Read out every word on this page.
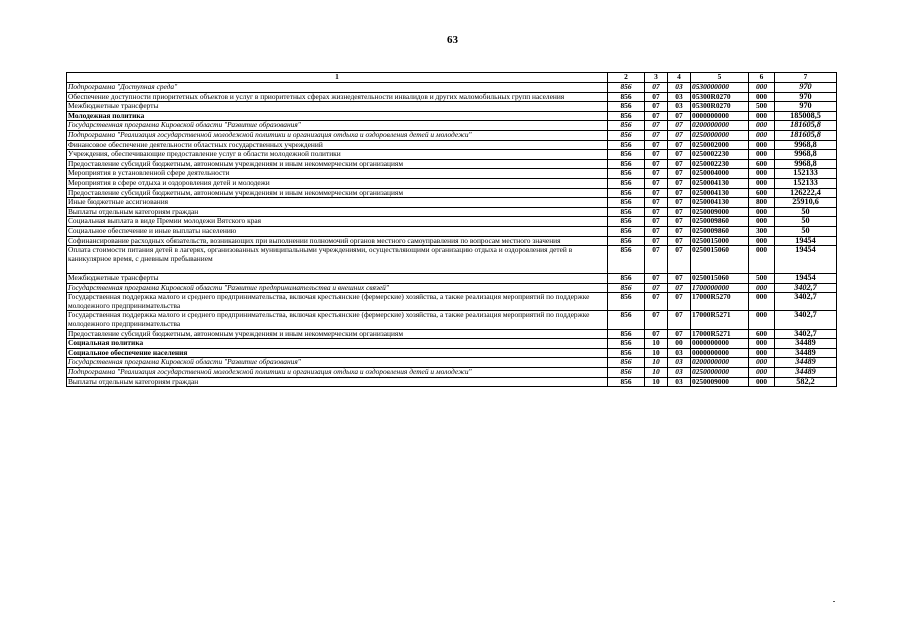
63
1	2	3	4	5	6	7
Подпрограмма "Доступная среда"	856	07	03	0530000000	000	970
Обеспечение доступности приоритетных объектов и услуг в приоритетных сферах жизнедеятельности инвалидов и других маломобильных групп населения	856	07	03	05300R0270	000	970
Межбюджетные трансферты	856	07	03	05300R0270	500	970
Молодежная политика	856	07	07	0000000000	000	185008,5
Государственная программа Кировской области "Развитие образования"	856	07	07	0200000000	000	181605,8
Подпрограмма "Реализация государственной молодежной политики и организация отдыха и оздоровления детей и молодежи"	856	07	07	0250000000	000	181605,8
Финансовое обеспечение деятельности областных государственных учреждений	856	07	07	0250002000	000	9968,8
Учреждения, обеспечивающие предоставление услуг в области молодежной политики	856	07	07	0250002230	000	9968,8
Предоставление субсидий бюджетным, автономным учреждениям и иным некоммерческим организациям	856	07	07	0250002230	600	9968,8
Мероприятия в установленной сфере деятельности	856	07	07	0250004000	000	152133
Мероприятия в сфере отдыха и оздоровления детей и молодежи	856	07	07	0250004130	000	152133
Предоставление субсидий бюджетным, автономным учреждениям и иным некоммерческим организациям	856	07	07	0250004130	600	126222,4
Иные бюджетные ассигнования	856	07	07	0250004130	800	25910,6
Выплаты отдельным категориям граждан	856	07	07	0250009000	000	50
Социальная выплата в виде Премии молодежи Вятского края	856	07	07	0250009860	000	50
Социальное обеспечение и иные выплаты населению	856	07	07	0250009860	300	50
Софинансирование расходных обязательств, возникающих при выполнении полномочий органов местного самоуправления по вопросам местного значения	856	07	07	0250015000	000	19454
Оплата стоимости питания детей в лагерях, организованных муниципальными учреждениями, осуществляющими организацию отдыха и оздоровления детей в каникулярное время, с дневным пребыванием	856	07	07	0250015060	000	19454
Межбюджетные трансферты	856	07	07	0250015060	500	19454
Государственная программа Кировской области "Развитие предпринимательства и внешних связей"	856	07	07	1700000000	000	3402,7
Государственная поддержка малого и среднего предпринимательства, включая крестьянские (фермерские) хозяйства, а также реализация мероприятий по поддержке молодежного предпринимательства	856	07	07	17000R5270	000	3402,7
Государственная поддержка малого и среднего предпринимательства, включая крестьянские (фермерские) хозяйства, а также реализация мероприятий по поддержке молодежного предпринимательства	856	07	07	17000R5271	000	3402,7
Предоставление субсидий бюджетным, автономным учреждениям и иным некоммерческим организациям	856	07	07	17000R5271	600	3402,7
Социальная политика	856	10	00	0000000000	000	34489
Социальное обеспечение населения	856	10	03	0000000000	000	34489
Государственная программа Кировской области "Развитие образования"	856	10	03	0200000000	000	34489
Подпрограмма "Реализация государственной молодежной политики и организация отдыха и оздоровления детей и молодежи"	856	10	03	0250000000	000	34489
Выплаты отдельным категориям граждан	856	10	03	0250009000	000	582,2
